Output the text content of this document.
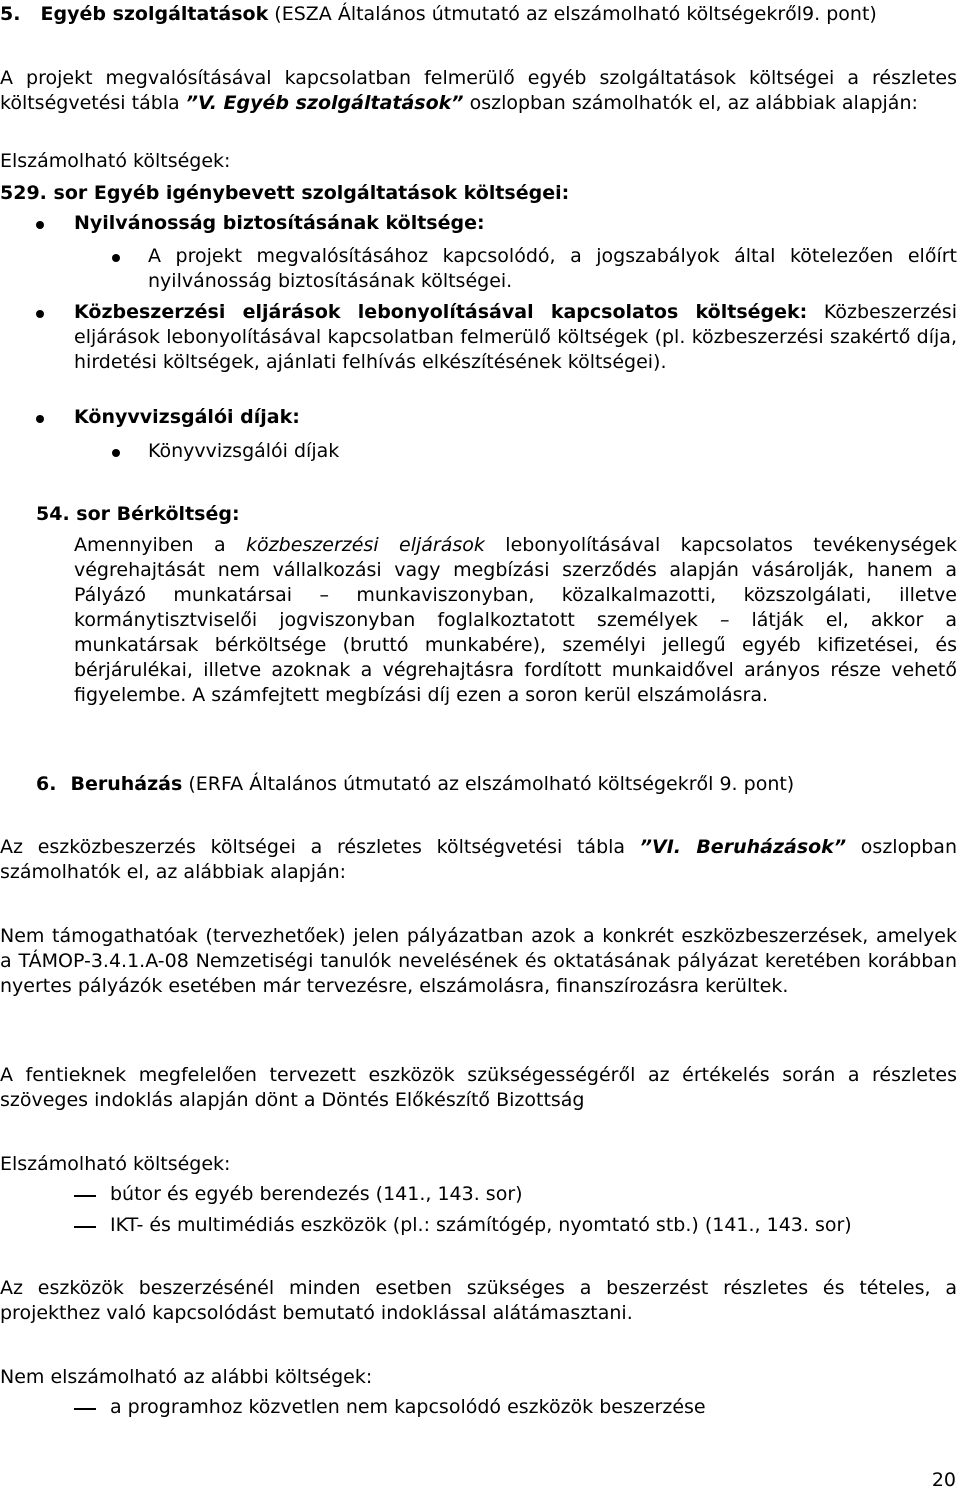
5. Egyéb szolgáltatások (ESZA Általános útmutató az elszámolható költségekről9. pont)
A projekt megvalósításával kapcsolatban felmerülő egyéb szolgáltatások költségei a részletes költségvetési tábla ”V. Egyéb szolgáltatások” oszlopban számolhatók el, az alábbiak alapján:
Elszámolható költségek:
529. sor Egyéb igénybevett szolgáltatások költségei:
Nyilvánosság biztosításának költsége:
A projekt megvalósításához kapcsolódó, a jogszabályok által kötelezően előírt nyilvánosság biztosításának költségei.
Közbeszerzési eljárások lebonyolításával kapcsolatos költségek: Közbeszerzési eljárások lebonyolításával kapcsolatban felmerülő költségek (pl. közbeszerzési szakértő díja, hirdetési költségek, ajánlati felhívás elkészítésének költségei).
Könyvvizsgálói díjak:
Könyvvizsgálói díjak
54. sor Bérköltség:
Amennyiben a közbeszerzési eljárások lebonyolításával kapcsolatos tevékenységek végrehajtását nem vállalkozási vagy megbízási szerződés alapján vásárolják, hanem a Pályázó munkatársai – munkaviszonyban, közalkalmazotti, közszolgálati, illetve kormánytisztviselői jogviszonyban foglalkoztatott személyek – látják el, akkor a munkatársak bérköltsége (bruttó munkabére), személyi jellegű egyéb kifizetései, és bérjárulékai, illetve azoknak a végrehajtásra fordított munkaidővel arányos része vehető figyelembe. A számfejtett megbízási díj ezen a soron kerül elszámolásra.
6. Beruházás (ERFA Általános útmutató az elszámolható költségekről 9. pont)
Az eszközbeszerzés költségei a részletes költségvetési tábla ”VI. Beruházások” oszlopban számolhatók el, az alábbiak alapján:
Nem támogathatóak (tervezhetőek) jelen pályázatban azok a konkrét eszközbeszerzések, amelyek a TÁMOP-3.4.1.A-08 Nemzetiségi tanulók nevelésének és oktatásának pályázat keretében korábban nyertes pályázók esetében már tervezésre, elszámolásra, finanszírozásra kerültek.
A fentieknek megfelelően tervezett eszközök szükségességéről az értékelés során a részletes szöveges indoklás alapján dönt a Döntés Előkészítő Bizottság
Elszámolható költségek:
bútor és egyéb berendezés (141., 143. sor)
IKT- és multimédiás eszközök (pl.: számítógép, nyomtató stb.) (141., 143. sor)
Az eszközök beszerzésénél minden esetben szükséges a beszerzést részletes és tételes, a projekthez való kapcsolódást bemutató indoklással alátámasztani.
Nem elszámolható az alábbi költségek:
a programhoz közvetlen nem kapcsolódó eszközök beszerzése
20
